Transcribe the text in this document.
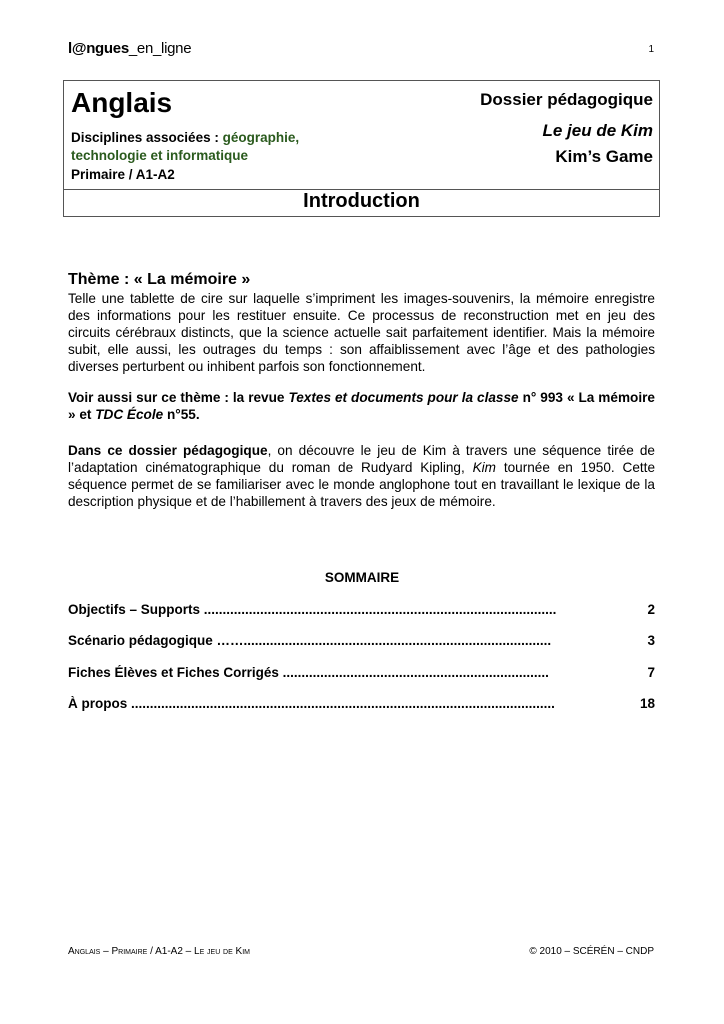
l@ngues_en_ligne	1
Anglais
Disciplines associées : géographie,
technologie et informatique
Primaire / A1-A2
Dossier pédagogique
Le jeu de Kim
Kim’s Game
Introduction
Thème : « La mémoire »
Telle une tablette de cire sur laquelle s’impriment les images-souvenirs, la mémoire enregistre des informations pour les restituer ensuite. Ce processus de reconstruction met en jeu des circuits cérébraux distincts, que la science actuelle sait parfaitement identifier. Mais la mémoire subit, elle aussi, les outrages du temps : son affaiblissement avec l’âge et des pathologies diverses perturbent ou inhibent parfois son fonctionnement.
Voir aussi sur ce thème : la revue Textes et documents pour la classe n° 993 « La mémoire » et TDC École n°55.
Dans ce dossier pédagogique, on découvre le jeu de Kim à travers une séquence tirée de l’adaptation cinématographique du roman de Rudyard Kipling, Kim tournée en 1950. Cette séquence permet de se familiariser avec le monde anglophone tout en travaillant le lexique de la description physique et de l’habillement à travers des jeux de mémoire.
SOMMAIRE
Objectifs – Supports ..............................................................................................	2
Scénario pédagogique ……..................................................................................	3
Fiches Élèves et Fiches Corrigés .......................................................................	7
À propos .................................................................................................................	18
Anglais – Primaire / A1-A2 – Le jeu de Kim	© 2010 – SCÉRÉN – CNDP
